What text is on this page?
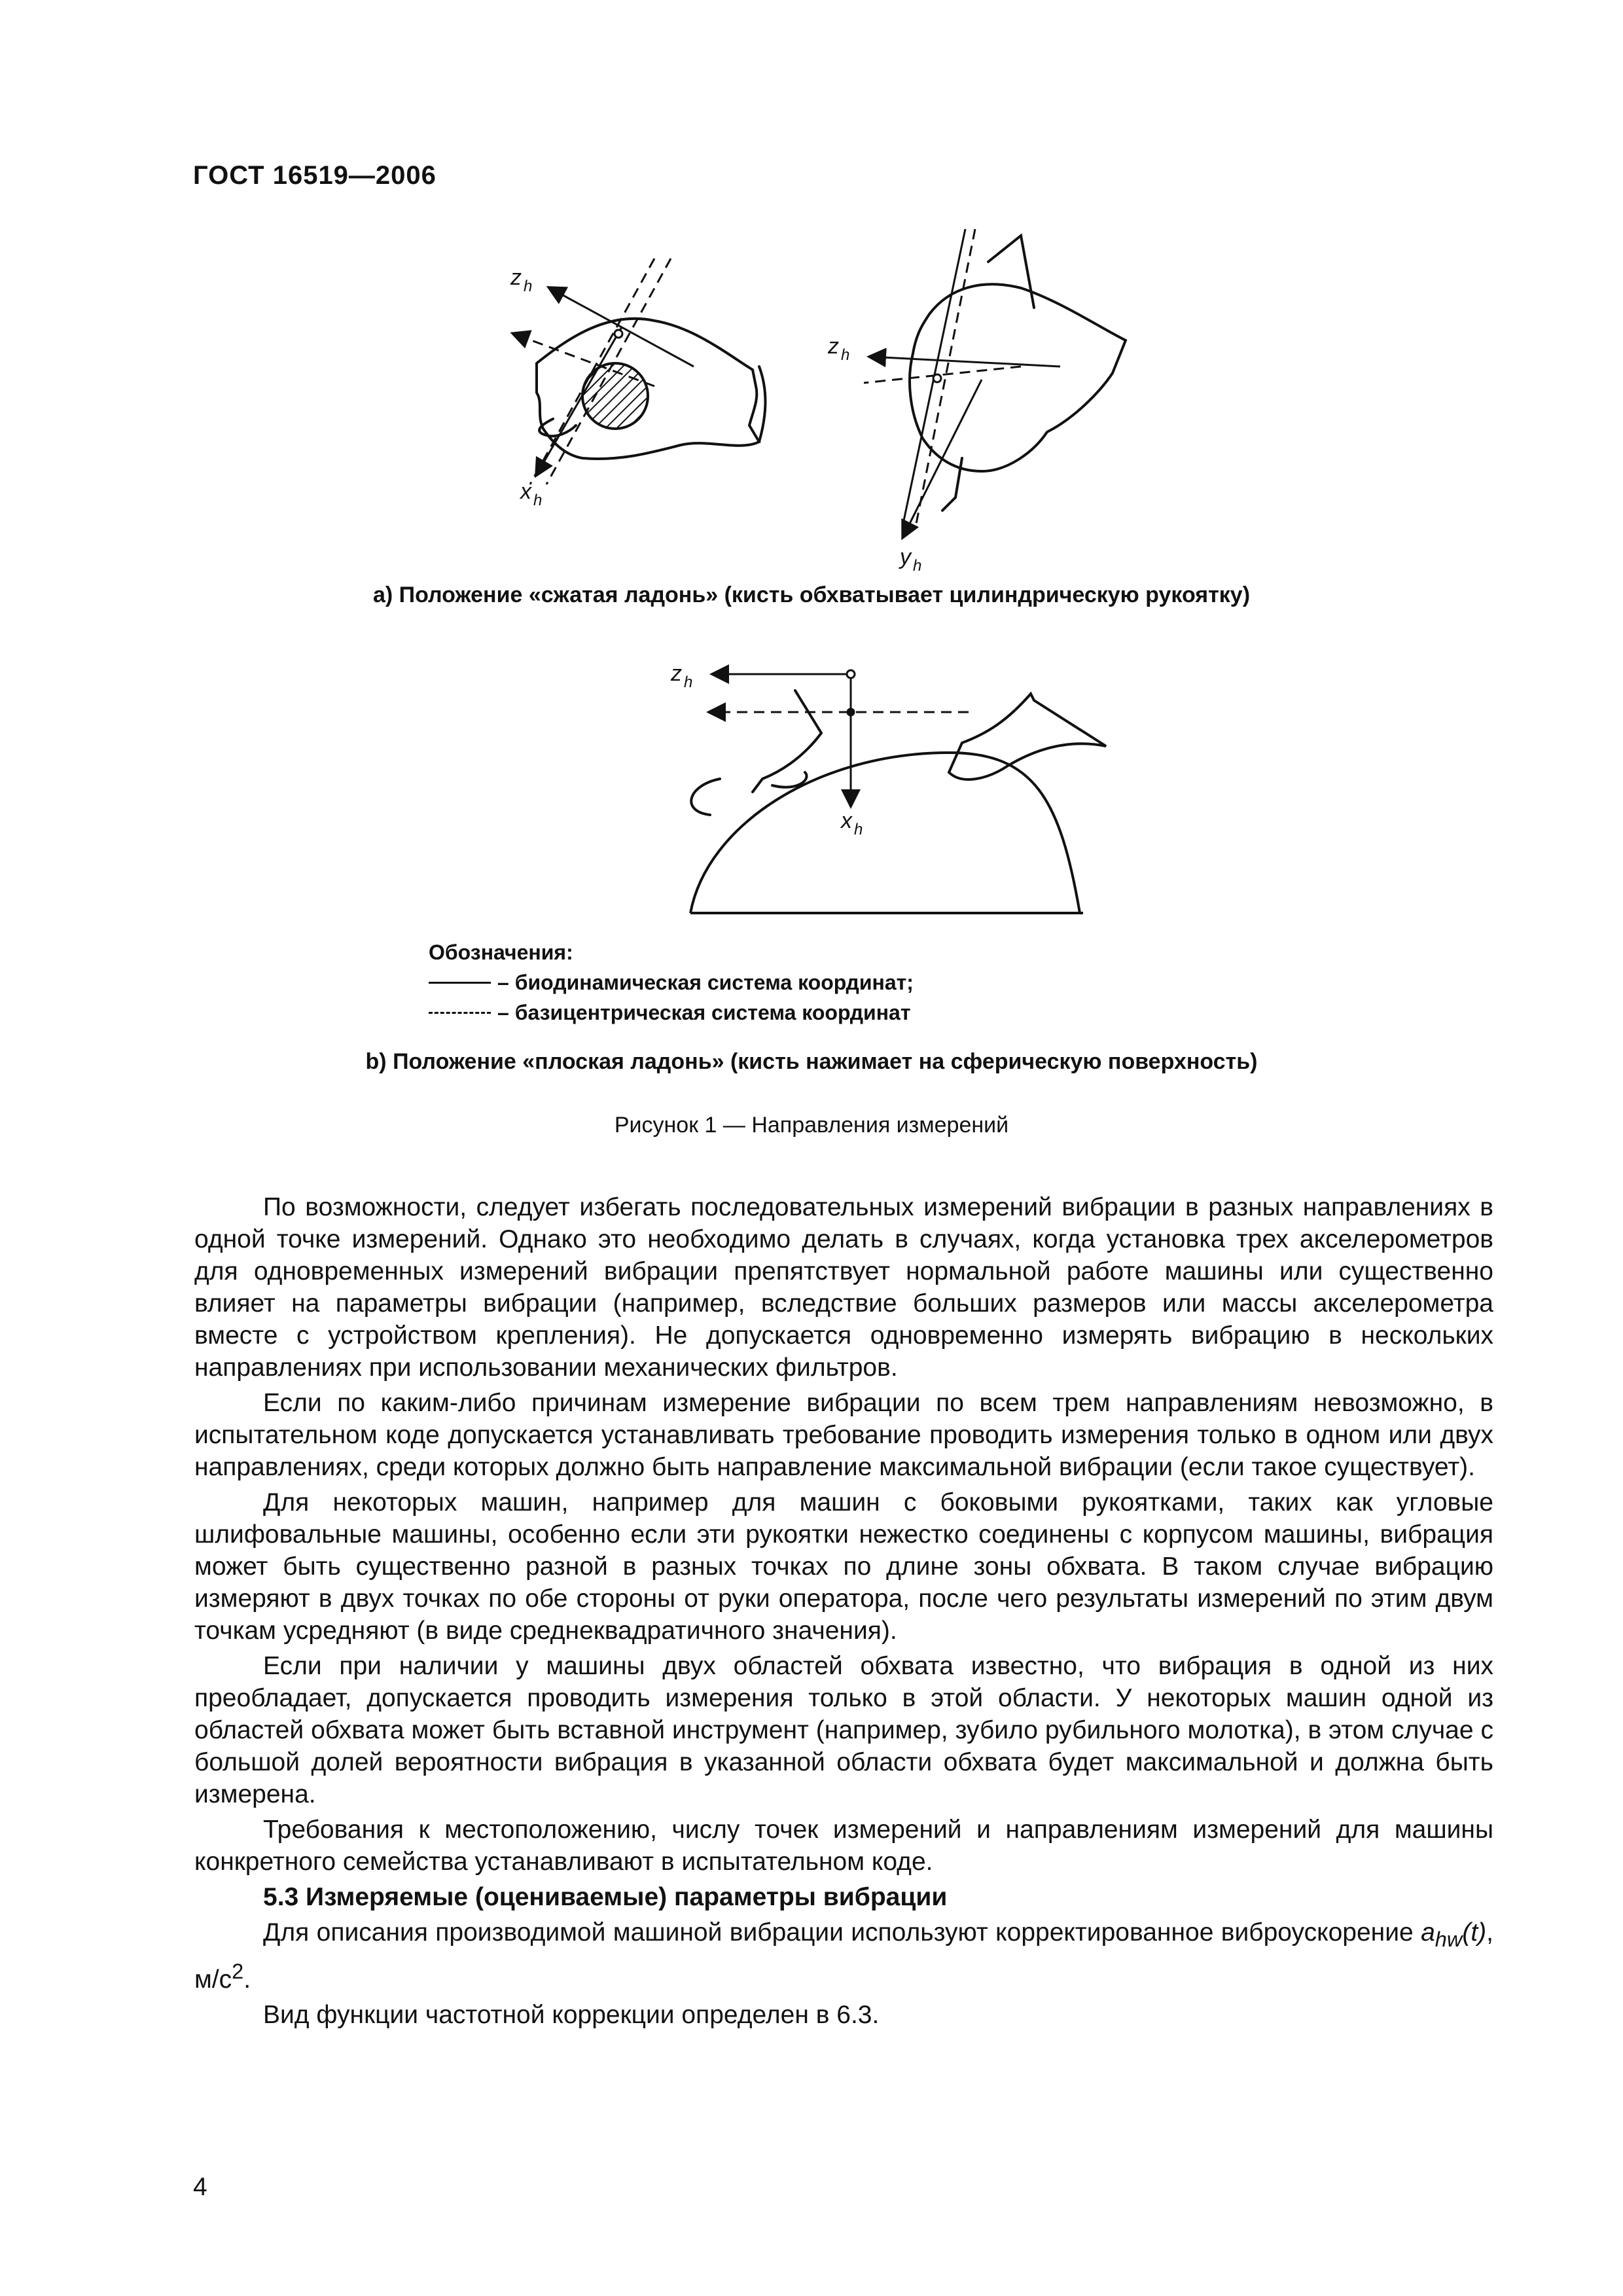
ГОСТ 16519—2006
z h
x h
z h
y h
z h
x h
а) Положение «сжатая ладонь» (кисть обхватывает цилиндрическую рукоятку)
Обозначения:
– биодинамическая система координат;
– базицентрическая система координат
b) Положение «плоская ладонь» (кисть нажимает на сферическую поверхность)
Рисунок 1 — Направления измерений

По возможности, следует избегать последовательных измерений вибрации в разных направлениях в одной точке измерений. Однако это необходимо делать в случаях, когда установка трех акселерометров для одновременных измерений вибрации препятствует нормальной работе машины или существенно влияет на параметры вибрации (например, вследствие больших размеров или массы акселерометра вместе с устройством крепления). Не допускается одновременно измерять вибрацию в нескольких направлениях при использовании механических фильтров.

Если по каким-либо причинам измерение вибрации по всем трем направлениям невозможно, в испытательном коде допускается устанавливать требование проводить измерения только в одном или двух направлениях, среди которых должно быть направление максимальной вибрации (если такое существует).

Для некоторых машин, например для машин с боковыми рукоятками, таких как угловые шлифовальные машины, особенно если эти рукоятки нежестко соединены с корпусом машины, вибрация может быть существенно разной в разных точках по длине зоны обхвата. В таком случае вибрацию измеряют в двух точках по обе стороны от руки оператора, после чего результаты измерений по этим двум точкам усредняют (в виде среднеквадратичного значения).

Если при наличии у машины двух областей обхвата известно, что вибрация в одной из них преобладает, допускается проводить измерения только в этой области. У некоторых машин одной из областей обхвата может быть вставной инструмент (например, зубило рубильного молотка), в этом случае с большой долей вероятности вибрация в указанной области обхвата будет максимальной и должна быть измерена.

Требования к местоположению, числу точек измерений и направлениям измерений для машины конкретного семейства устанавливают в испытательном коде.

5.3 Измеряемые (оцениваемые) параметры вибрации

Для описания производимой машиной вибрации используют корректированное виброускорение $a_{hw}(t)$, $м/с^2$.

Вид функции частотной коррекции определен в 6.3.

4
